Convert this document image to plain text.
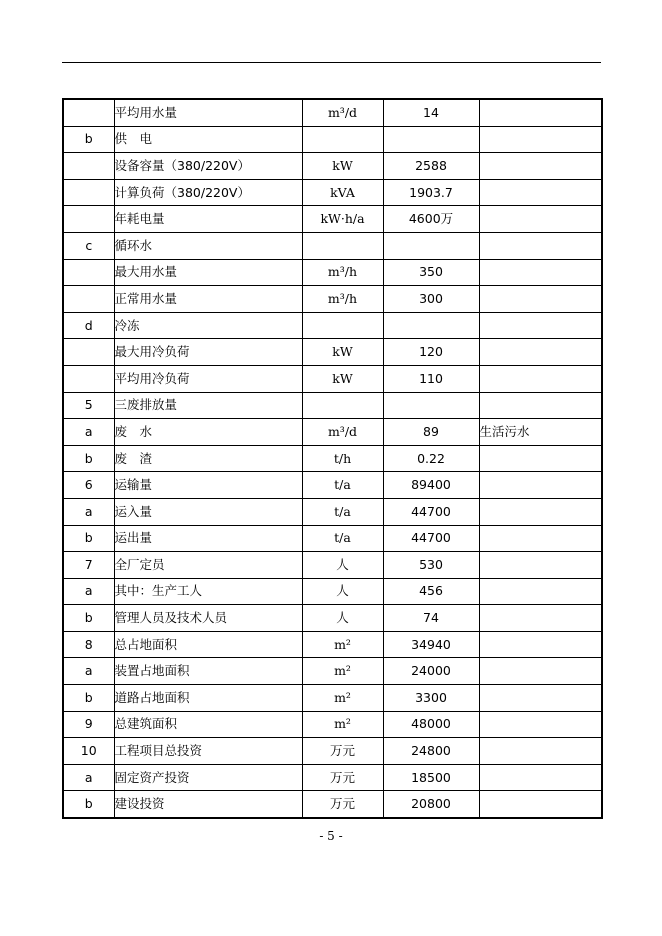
	平均用水量	m³/d	14	
b	供　电			
	设备容量（380/220V）	kW	2588	
	计算负荷（380/220V）	kVA	1903.7	
	年耗电量	kW·h/a	4600万	
c	循环水			
	最大用水量	m³/h	350	
	正常用水量	m³/h	300	
d	冷冻			
	最大用冷负荷	kW	120	
	平均用冷负荷	kW	110	
5	三废排放量			
a	废　水	m³/d	89	生活污水
b	废　渣	t/h	0.22	
6	运输量	t/a	89400	
a	运入量	t/a	44700	
b	运出量	t/a	44700	
7	全厂定员	人	530	
a	其中：生产工人	人	456	
b	管理人员及技术人员	人	74	
8	总占地面积	m²	34940	
a	装置占地面积	m²	24000	
b	道路占地面积	m²	3300	
9	总建筑面积	m²	48000	
10	工程项目总投资	万元	24800	
a	固定资产投资	万元	18500	
b	建设投资	万元	20800	
- 5 -
